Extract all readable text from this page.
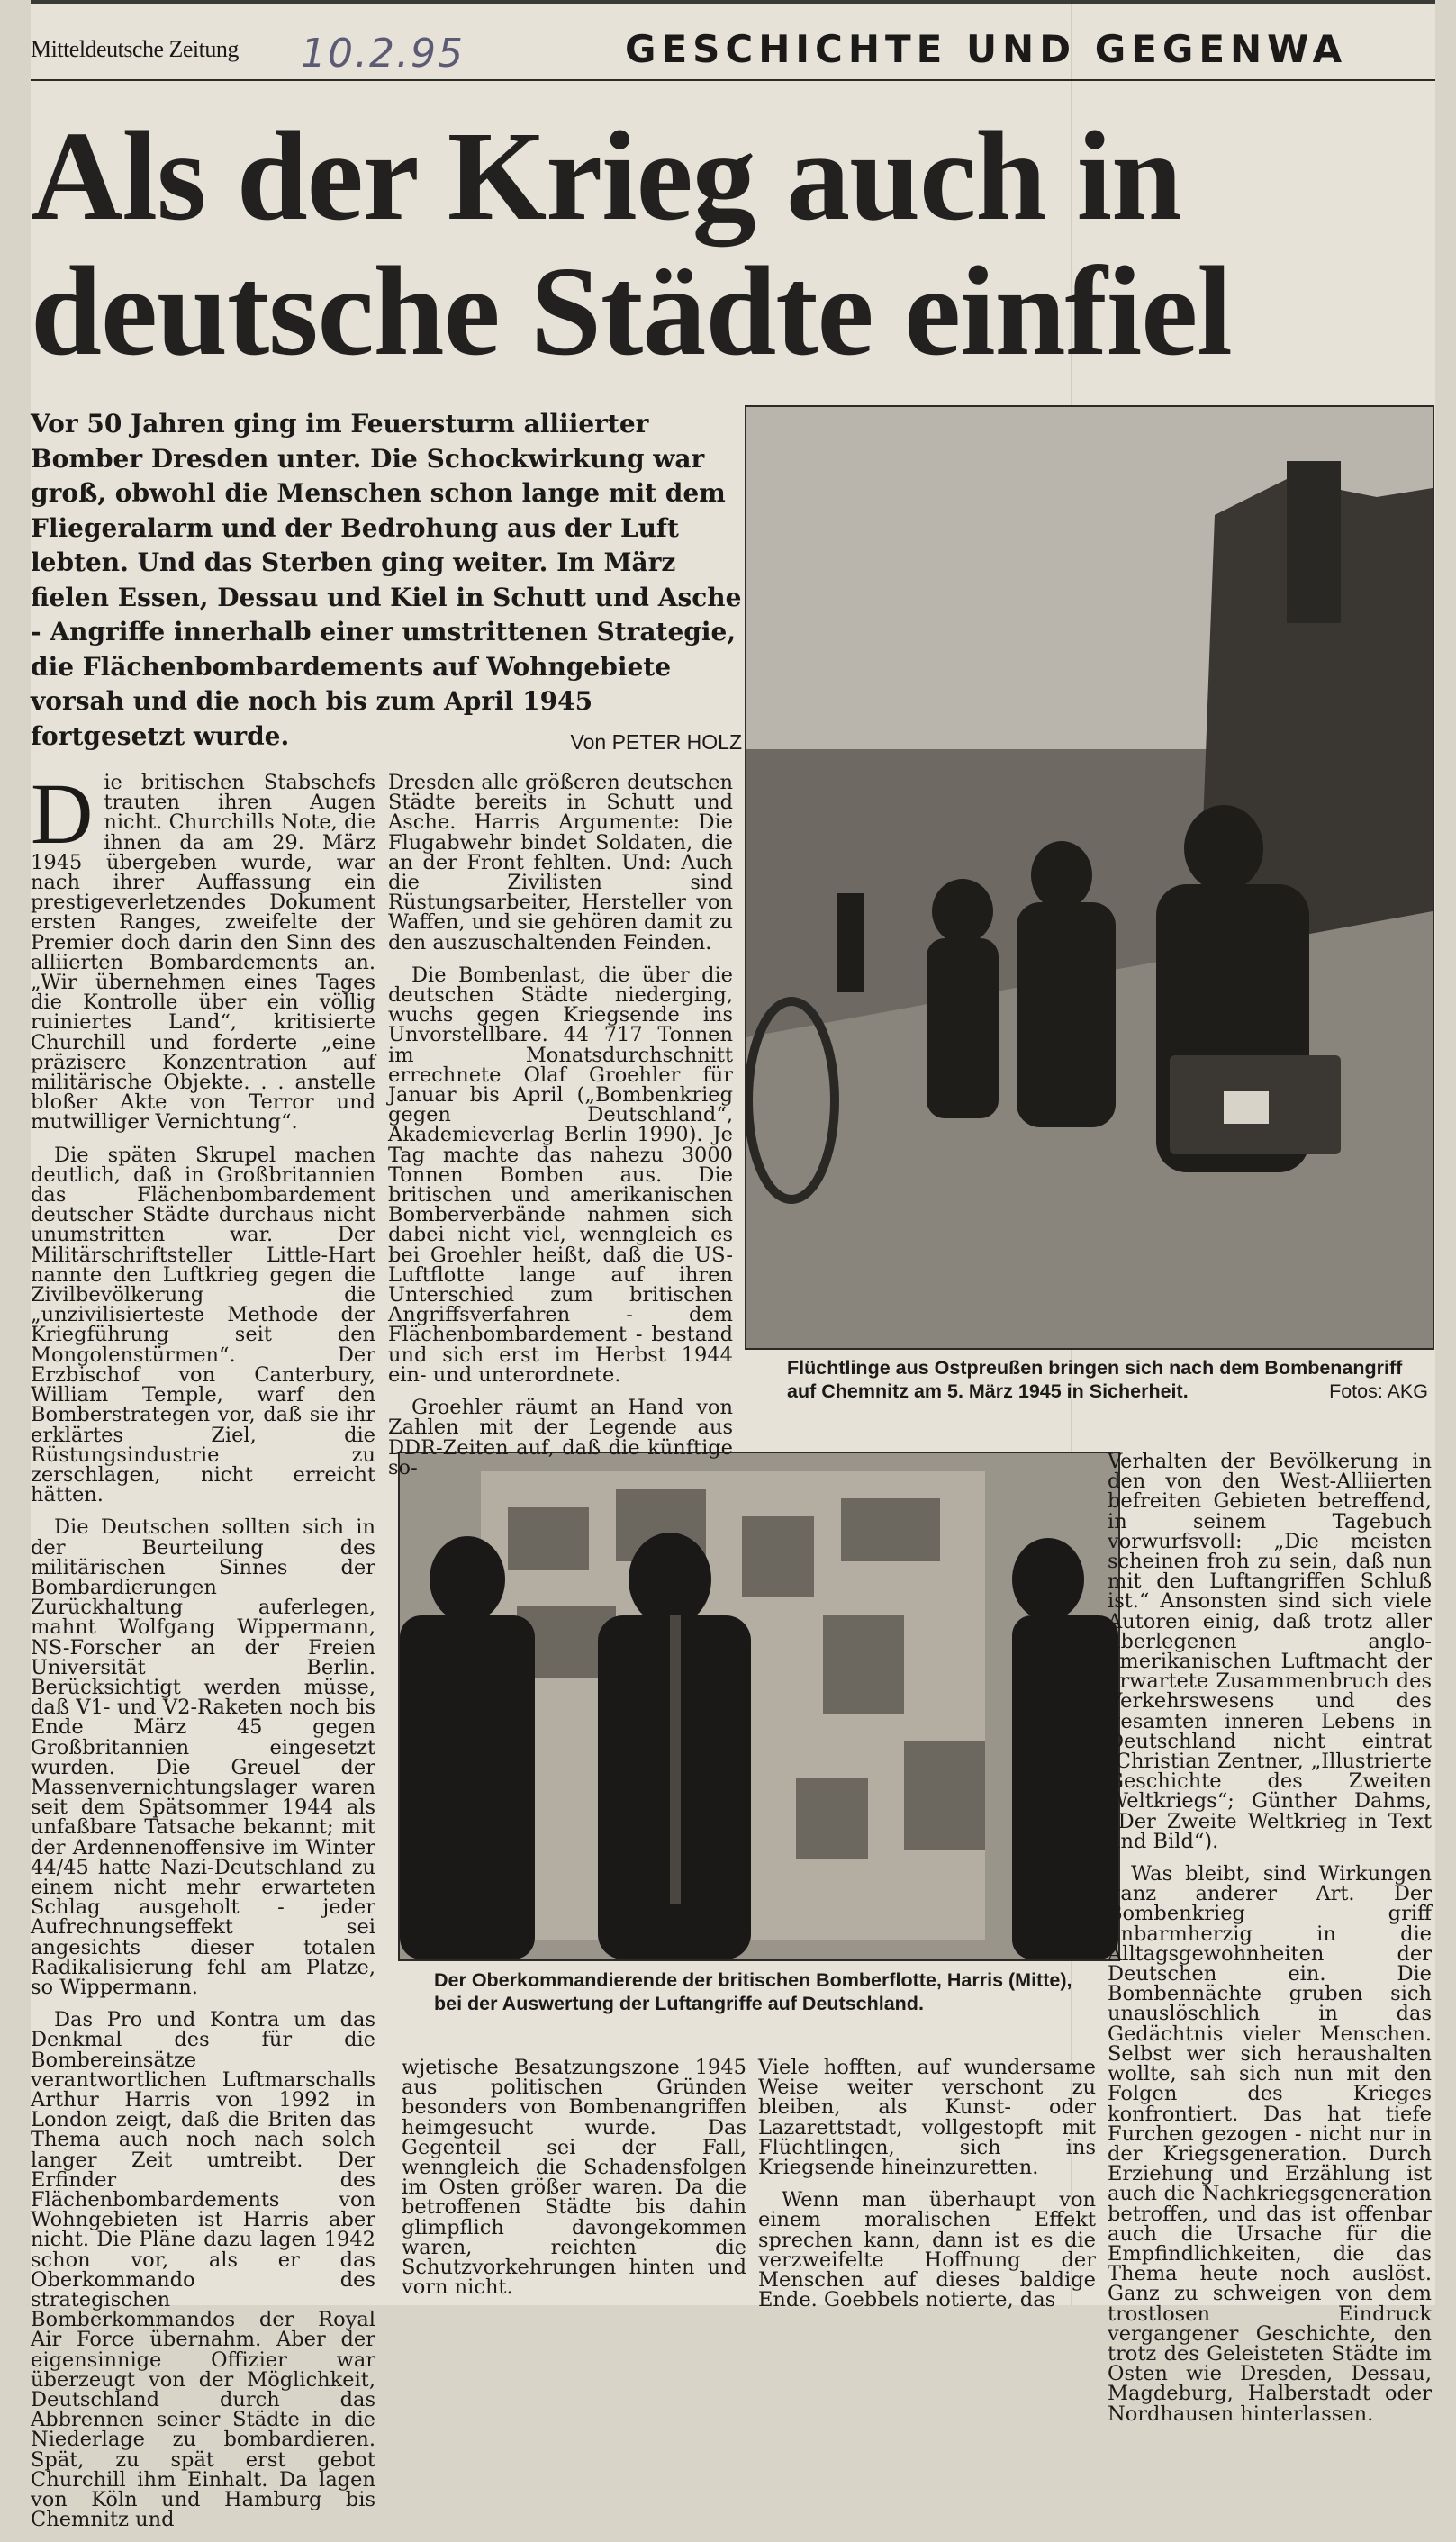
Mitteldeutsche Zeitung 10.2.95	GESCHICHTE UND GEGENWA
Als der Krieg auch in deutsche Städte einfiel
Vor 50 Jahren ging im Feuersturm alliierter Bomber Dresden unter. Die Schockwirkung war groß, obwohl die Menschen schon lange mit dem Fliegeralarm und der Bedrohung aus der Luft lebten. Und das Sterben ging weiter. Im März fielen Essen, Dessau und Kiel in Schutt und Asche - Angriffe innerhalb einer umstrittenen Strategie, die Flächenbombardements auf Wohngebiete vorsah und die noch bis zum April 1945 fortgesetzt wurde.	Von PETER HOLZ
Flüchtlinge aus Ostpreußen bringen sich nach dem Bombenangriff auf Chemnitz am 5. März 1945 in Sicherheit.	Fotos: AKG
Der Oberkommandierende der britischen Bomberflotte, Harris (Mitte), bei der Auswertung der Luftangriffe auf Deutschland.

Die britischen Stabschefs trauten ihren Augen nicht. Churchills Note, die ihnen da am 29. März 1945 übergeben wurde, war nach ihrer Auffassung ein prestigeverletzendes Dokument ersten Ranges, zweifelte der Premier doch darin den Sinn des alliierten Bombardements an. „Wir übernehmen eines Tages die Kontrolle über ein völlig ruiniertes Land“, kritisierte Churchill und forderte „eine präzisere Konzentration auf militärische Objekte. . . anstelle bloßer Akte von Terror und mutwilliger Vernichtung“.

Die späten Skrupel machen deutlich, daß in Großbritannien das Flächenbombardement deutscher Städte durchaus nicht unumstritten war. Der Militärschriftsteller Little-Hart nannte den Luftkrieg gegen die Zivilbevölkerung die „unzivilisierteste Methode der Kriegführung seit den Mongolenstürmen“. Der Erzbischof von Canterbury, William Temple, warf den Bomberstrategen vor, daß sie ihr erklärtes Ziel, die Rüstungsindustrie zu zerschlagen, nicht erreicht hätten.

Die Deutschen sollten sich in der Beurteilung des militärischen Sinnes der Bombardierungen Zurückhaltung auferlegen, mahnt Wolfgang Wippermann, NS-Forscher an der Freien Universität Berlin. Berücksichtigt werden müsse, daß V1- und V2-Raketen noch bis Ende März 45 gegen Großbritannien eingesetzt wurden. Die Greuel der Massenvernichtungslager waren seit dem Spätsommer 1944 als unfaßbare Tatsache bekannt; mit der Ardennenoffensive im Winter 44/45 hatte Nazi-Deutschland zu einem nicht mehr erwarteten Schlag ausgeholt - jeder Aufrechnungseffekt sei angesichts dieser totalen Radikalisierung fehl am Platze, so Wippermann.

Das Pro und Kontra um das Denkmal des für die Bombereinsätze verantwortlichen Luftmarschalls Arthur Harris von 1992 in London zeigt, daß die Briten das Thema auch noch nach solch langer Zeit umtreibt. Der Erfinder des Flächenbombardements von Wohngebieten ist Harris aber nicht. Die Pläne dazu lagen 1942 schon vor, als er das Oberkommando des strategischen Bomberkommandos der Royal Air Force übernahm. Aber der eigensinnige Offizier war überzeugt von der Möglichkeit, Deutschland durch das Abbrennen seiner Städte in die Niederlage zu bombardieren. Spät, zu spät erst gebot Churchill ihm Einhalt. Da lagen von Köln und Hamburg bis Chemnitz und

Dresden alle größeren deutschen Städte bereits in Schutt und Asche. Harris Argumente: Die Flugabwehr bindet Soldaten, die an der Front fehlten. Und: Auch die Zivilisten sind Rüstungsarbeiter, Hersteller von Waffen, und sie gehören damit zu den auszuschaltenden Feinden.

Die Bombenlast, die über die deutschen Städte niederging, wuchs gegen Kriegsende ins Unvorstellbare. 44 717 Tonnen im Monatsdurchschnitt errechnete Olaf Groehler für Januar bis April („Bombenkrieg gegen Deutschland“, Akademieverlag Berlin 1990). Je Tag machte das nahezu 3000 Tonnen Bomben aus. Die britischen und amerikanischen Bomberverbände nahmen sich dabei nicht viel, wenngleich es bei Groehler heißt, daß die US-Luftflotte lange auf ihren Unterschied zum britischen Angriffsverfahren - dem Flächenbombardement - bestand und sich erst im Herbst 1944 ein- und unterordnete.

Groehler räumt an Hand von Zahlen mit der Legende aus DDR-Zeiten auf, daß die künftige so-

wjetische Besatzungszone 1945 aus politischen Gründen besonders von Bombenangriffen heimgesucht wurde. Das Gegenteil sei der Fall, wenngleich die Schadensfolgen im Osten größer waren. Da die betroffenen Städte bis dahin glimpflich davongekommen waren, reichten die Schutzvorkehrungen hinten und vorn nicht.

Viele hofften, auf wundersame Weise weiter verschont zu bleiben, als Kunst- oder Lazarettstadt, vollgestopft mit Flüchtlingen, sich ins Kriegsende hineinzuretten.

Wenn man überhaupt von einem moralischen Effekt sprechen kann, dann ist es die verzweifelte Hoffnung der Menschen auf dieses baldige Ende. Goebbels notierte, das

Verhalten der Bevölkerung in den von den West-Alliierten befreiten Gebieten betreffend, in seinem Tagebuch vorwurfsvoll: „Die meisten scheinen froh zu sein, daß nun mit den Luftangriffen Schluß ist.“ Ansonsten sind sich viele Autoren einig, daß trotz aller überlegenen anglo-amerikanischen Luftmacht der erwartete Zusammenbruch des Verkehrswesens und des gesamten inneren Lebens in Deutschland nicht eintrat (Christian Zentner, „Illustrierte Geschichte des Zweiten Weltkriegs“; Günther Dahms, „Der Zweite Weltkrieg in Text und Bild“).

Was bleibt, sind Wirkungen ganz anderer Art. Der Bombenkrieg griff unbarmherzig in die Alltagsgewohnheiten der Deutschen ein. Die Bombennächte gruben sich unauslöschlich in das Gedächtnis vieler Menschen. Selbst wer sich heraushalten wollte, sah sich nun mit den Folgen des Krieges konfrontiert. Das hat tiefe Furchen gezogen - nicht nur in der Kriegsgeneration. Durch Erziehung und Erzählung ist auch die Nachkriegsgeneration betroffen, und das ist offenbar auch die Ursache für die Empfindlichkeiten, die das Thema heute noch auslöst. Ganz zu schweigen von dem trostlosen Eindruck vergangener Geschichte, den trotz des Geleisteten Städte im Osten wie Dresden, Dessau, Magdeburg, Halberstadt oder Nordhausen hinterlassen.
